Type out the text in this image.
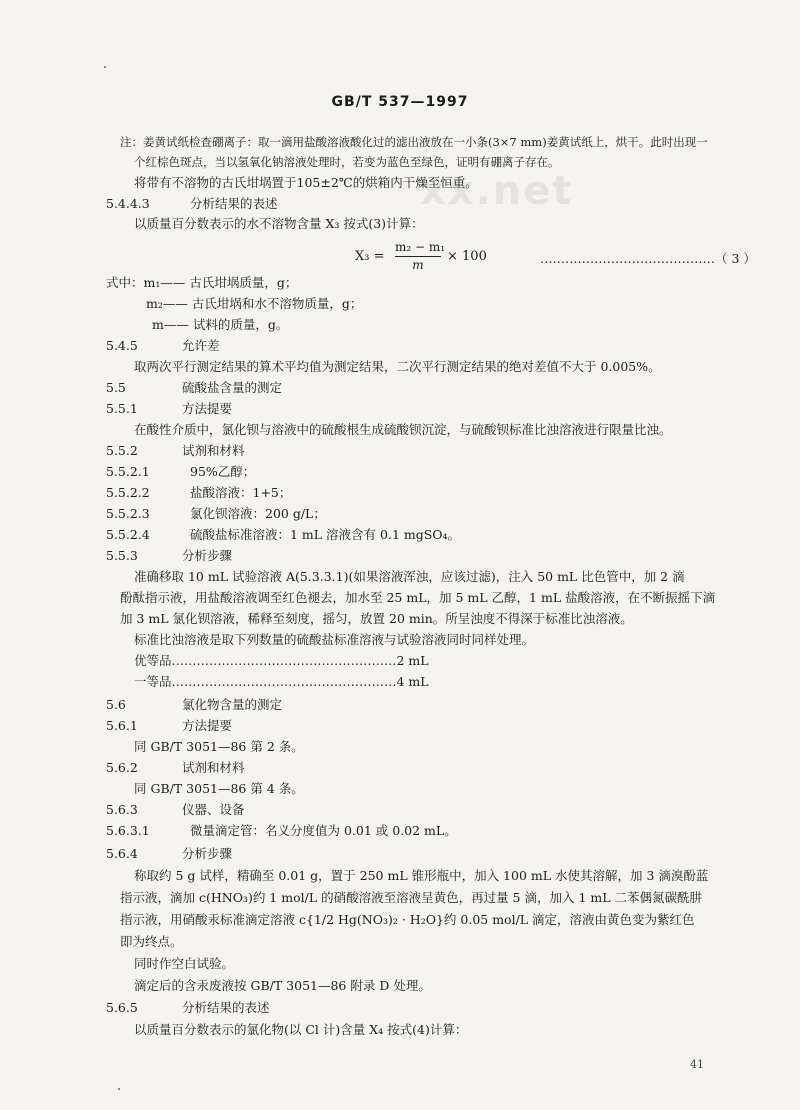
xx.net
GB/T 537—1997
注：姜黄试纸检查硼离子：取一滴用盐酸溶液酸化过的滤出液放在一小条(3×7 mm)姜黄试纸上，烘干。此时出现一
个红棕色斑点，当以氢氧化钠溶液处理时，若变为蓝色至绿色，证明有硼离子存在。
将带有不溶物的古氏坩埚置于105±2℃的烘箱内干燥至恒重。
5.4.4.3	分析结果的表述
以质量百分数表示的水不溶物含量 X₃ 按式(3)计算：
X₃ =
m₂ − m₁
m
× 100	……………………………………（ 3 ）
式中：m₁—— 古氏坩埚质量，g；
m₂—— 古氏坩埚和水不溶物质量，g；
m—— 试料的质量，g。
5.4.5	允许差
取两次平行测定结果的算术平均值为测定结果，二次平行测定结果的绝对差值不大于 0.005%。
5.5	硫酸盐含量的测定
5.5.1	方法提要
在酸性介质中，氯化钡与溶液中的硫酸根生成硫酸钡沉淀，与硫酸钡标准比浊溶液进行限量比浊。
5.5.2	试剂和材料
5.5.2.1	95%乙醇；
5.5.2.2	盐酸溶液：1+5；
5.5.2.3	氯化钡溶液：200 g/L；
5.5.2.4	硫酸盐标准溶液：1 mL 溶液含有 0.1 mgSO₄。
5.5.3	分析步骤
准确移取 10 mL 试验溶液 A(5.3.3.1)(如果溶液浑浊，应该过滤)，注入 50 mL 比色管中，加 2 滴
酚酞指示液，用盐酸溶液调至红色褪去，加水至 25 mL，加 5 mL 乙醇，1 mL 盐酸溶液，在不断振摇下滴
加 3 mL 氯化钡溶液，稀释至刻度，摇匀，放置 20 min。所呈浊度不得深于标准比浊溶液。
标准比浊溶液是取下列数量的硫酸盐标准溶液与试验溶液同时同样处理。
优等品………………………………………………2 mL
一等品………………………………………………4 mL
5.6	氯化物含量的测定
5.6.1	方法提要
同 GB/T 3051—86 第 2 条。
5.6.2	试剂和材料
同 GB/T 3051—86 第 4 条。
5.6.3	仪器、设备
5.6.3.1	微量滴定管：名义分度值为 0.01 或 0.02 mL。
5.6.4	分析步骤
称取约 5 g 试样，精确至 0.01 g，置于 250 mL 锥形瓶中，加入 100 mL 水使其溶解，加 3 滴溴酚蓝
指示液，滴加 c(HNO₃)约 1 mol/L 的硝酸溶液至溶液呈黄色，再过量 5 滴，加入 1 mL 二苯偶氮碳酰肼
指示液，用硝酸汞标准滴定溶液 c{1/2 Hg(NO₃)₂ · H₂O}约 0.05 mol/L 滴定，溶液由黄色变为紫红色
即为终点。
同时作空白试验。
滴定后的含汞废液按 GB/T 3051—86 附录 D 处理。
5.6.5	分析结果的表述
以质量百分数表示的氯化物(以 Cl 计)含量 X₄ 按式(4)计算：
41
